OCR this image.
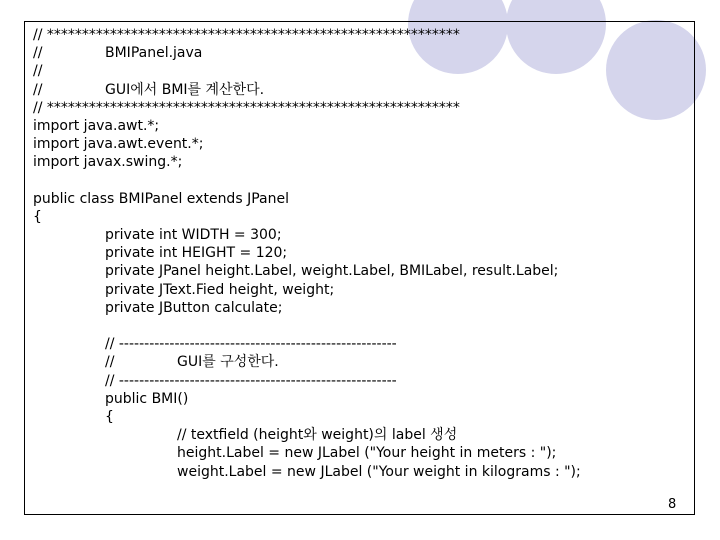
// ***********************************************************
//	BMIPanel.java
//
//	GUI에서 BMI를 계산한다.
// ***********************************************************
import java.awt.*;
import java.awt.event.*;
import javax.swing.*;
public class BMIPanel extends JPanel
{
private int WIDTH = 300;
private int HEIGHT = 120;
private JPanel height.Label, weight.Label, BMILabel, result.Label;
private JText.Fied height, weight;
private JButton calculate;
// -------------------------------------------------------
//	GUI를 구성한다.
// -------------------------------------------------------
public BMI()
{
// textfield (height와 weight)의 label 생성
height.Label = new JLabel ("Your height in meters : ");
weight.Label = new JLabel ("Your weight in kilograms : ");
8
